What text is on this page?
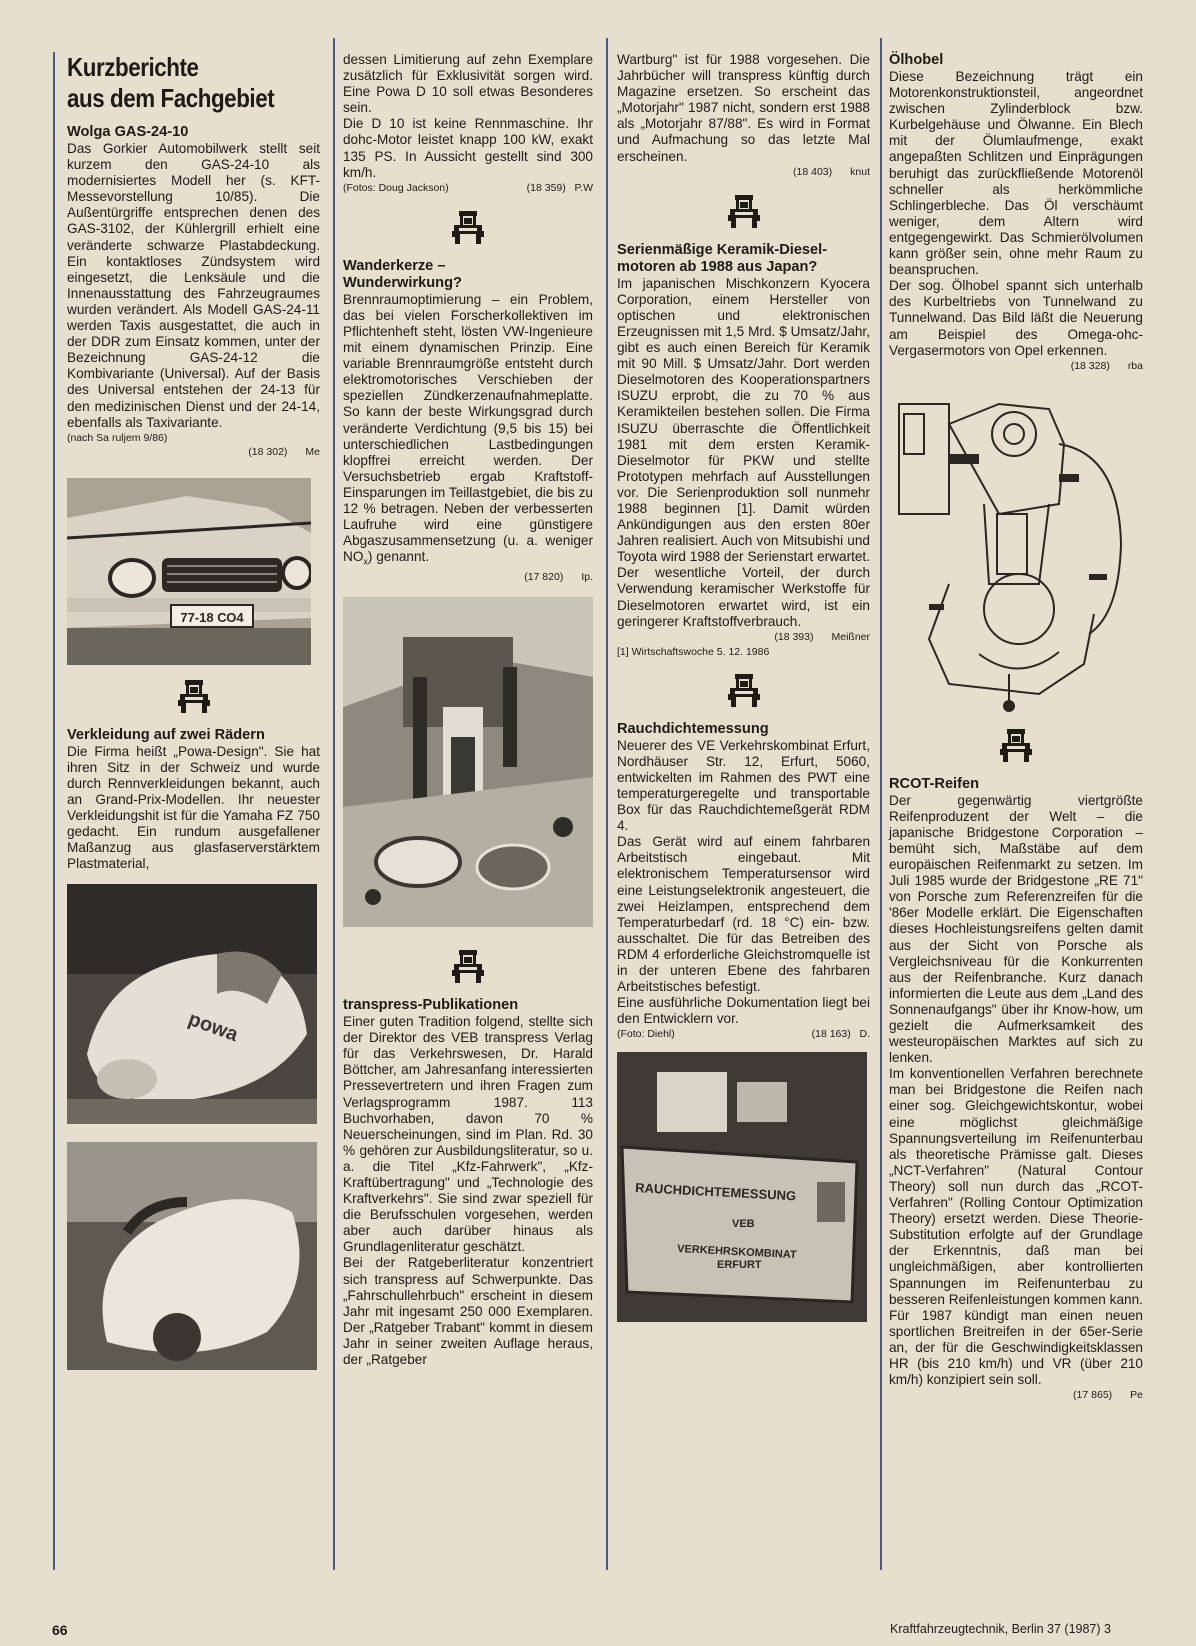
Kurzberichte
aus dem Fachgebiet
Wolga GAS-24-10

Das Gorkier Automobilwerk stellt seit kurzem den GAS-24-10 als modernisiertes Modell her (s. KFT-Messevorstellung 10/85). Die Außentürgriffe entsprechen denen des GAS-3102, der Kühlergrill erhielt eine veränderte schwarze Plastabdeckung. Ein kontaktloses Zündsystem wird eingesetzt, die Lenksäule und die Innenausstattung des Fahrzeugraumes wurden verändert. Als Modell GAS-24-11 werden Taxis ausgestattet, die auch in der DDR zum Einsatz kommen, unter der Bezeichnung GAS-24-12 die Kombivariante (Universal). Auf der Basis des Universal entstehen der 24-13 für den medizinischen Dienst und der 24-14, ebenfalls als Taxivariante.

(nach Sa ruljem 9/86)

(18 302) Me
77-18 СО4
Verkleidung auf zwei Rädern

Die Firma heißt „Powa-Design". Sie hat ihren Sitz in der Schweiz und wurde durch Rennverkleidungen bekannt, auch an Grand-Prix-Modellen. Ihr neuester Verkleidungshit ist für die Yamaha FZ 750 gedacht. Ein rundum ausgefallener Maßanzug aus glasfaserverstärktem Plastmaterial,

powa

dessen Limitierung auf zehn Exemplare zusätzlich für Exklusivität sorgen wird. Eine Powa D 10 soll etwas Besonderes sein.

Die D 10 ist keine Rennmaschine. Ihr dohc-Motor leistet knapp 100 kW, exakt 135 PS. In Aussicht gestellt sind 300 km/h.

(Fotos: Doug Jackson)	(18 359) P.W
Wanderkerze –
Wunderwirkung?

Brennraumoptimierung – ein Problem, das bei vielen Forscherkollektiven im Pflichtenheft steht, lösten VW-Ingenieure mit einem dynamischen Prinzip. Eine variable Brennraumgröße entsteht durch elektromotorisches Verschieben der speziellen Zündkerzenaufnahmeplatte. So kann der beste Wirkungsgrad durch veränderte Verdichtung (9,5 bis 15) bei unterschiedlichen Lastbedingungen klopffrei erreicht werden. Der Versuchsbetrieb ergab Kraftstoff-Einsparungen im Teillastgebiet, die bis zu 12 % betragen. Neben der verbesserten Laufruhe wird eine günstigere Abgaszusammensetzung (u. a. weniger $NO_x$) genannt.

(17 820) Ip.
transpress-Publikationen

Einer guten Tradition folgend, stellte sich der Direktor des VEB transpress Verlag für das Verkehrswesen, Dr. Harald Böttcher, am Jahresanfang interessierten Pressevertretern und ihren Fragen zum Verlagsprogramm 1987. 113 Buchvorhaben, davon 70 % Neuerscheinungen, sind im Plan. Rd. 30 % gehören zur Ausbildungsliteratur, so u. a. die Titel „Kfz-Fahrwerk", „Kfz-Kraftübertragung" und „Technologie des Kraftverkehrs". Sie sind zwar speziell für die Berufsschulen vorgesehen, werden aber auch darüber hinaus als Grundlagenliteratur geschätzt.

Bei der Ratgeberliteratur konzentriert sich transpress auf Schwerpunkte. Das „Fahrschullehrbuch" erscheint in diesem Jahr mit ingesamt 250 000 Exemplaren. Der „Ratgeber Trabant" kommt in diesem Jahr in seiner zweiten Auflage heraus, der „Ratgeber

Wartburg" ist für 1988 vorgesehen. Die Jahrbücher will transpress künftig durch Magazine ersetzen. So erscheint das „Motorjahr" 1987 nicht, sondern erst 1988 als „Motorjahr 87/88". Es wird in Format und Aufmachung so das letzte Mal erscheinen.

(18 403) knut
Serienmäßige Keramik-Diesel-
motoren ab 1988 aus Japan?

Im japanischen Mischkonzern Kyocera Corporation, einem Hersteller von optischen und elektronischen Erzeugnissen mit 1,5 Mrd. $ Umsatz/Jahr, gibt es auch einen Bereich für Keramik mit 90 Mill. $ Umsatz/Jahr. Dort werden Dieselmotoren des Kooperationspartners ISUZU erprobt, die zu 70 % aus Keramikteilen bestehen sollen. Die Firma ISUZU überraschte die Öffentlichkeit 1981 mit dem ersten Keramik-Dieselmotor für PKW und stellte Prototypen mehrfach auf Ausstellungen vor. Die Serienproduktion soll nunmehr 1988 beginnen [1]. Damit würden Ankündigungen aus den ersten 80er Jahren realisiert. Auch von Mitsubishi und Toyota wird 1988 der Serienstart erwartet. Der wesentliche Vorteil, der durch Verwendung keramischer Werkstoffe für Dieselmotoren erwartet wird, ist ein geringerer Kraftstoffverbrauch.

(18 393) Meißner

[1] Wirtschaftswoche 5. 12. 1986

Rauchdichtemessung

Neuerer des VE Verkehrskombinat Erfurt, Nordhäuser Str. 12, Erfurt, 5060, entwickelten im Rahmen des PWT eine temperaturgeregelte und transportable Box für das Rauchdichtemeßgerät RDM 4.

Das Gerät wird auf einem fahrbaren Arbeitstisch eingebaut. Mit elektronischem Temperatursensor wird eine Leistungselektronik angesteuert, die zwei Heizlampen, entsprechend dem Temperaturbedarf (rd. 18 °C) ein- bzw. ausschaltet. Die für das Betreiben des RDM 4 erforderliche Gleichstromquelle ist in der unteren Ebene des fahrbaren Arbeitstisches befestigt.

Eine ausführliche Dokumentation liegt bei den Entwicklern vor.

(Foto: Diehl)	(18 163) D.
RAUCHDICHTEMESSUNG
VEB
VERKEHRSKOMBINAT
ERFURT
Ölhobel

Diese Bezeichnung trägt ein Motorenkonstruktionsteil, angeordnet zwischen Zylinderblock bzw. Kurbelgehäuse und Ölwanne. Ein Blech mit der Ölumlaufmenge, exakt angepaßten Schlitzen und Einprägungen beruhigt das zurückfließende Motorenöl schneller als herkömmliche Schlingerbleche. Das Öl verschäumt weniger, dem Altern wird entgegengewirkt. Das Schmierölvolumen kann größer sein, ohne mehr Raum zu beanspruchen.

Der sog. Ölhobel spannt sich unterhalb des Kurbeltriebs von Tunnelwand zu Tunnelwand. Das Bild läßt die Neuerung am Beispiel des Omega-ohc-Vergasermotors von Opel erkennen.

(18 328) rba
RCOT-Reifen

Der gegenwärtig viertgrößte Reifenproduzent der Welt – die japanische Bridgestone Corporation – bemüht sich, Maßstäbe auf dem europäischen Reifenmarkt zu setzen. Im Juli 1985 wurde der Bridgestone „RE 71" von Porsche zum Referenzreifen für die '86er Modelle erklärt. Die Eigenschaften dieses Hochleistungsreifens gelten damit aus der Sicht von Porsche als Vergleichsniveau für die Konkurrenten aus der Reifenbranche. Kurz danach informierten die Leute aus dem „Land des Sonnenaufgangs" über ihr Know-how, um gezielt die Aufmerksamkeit des westeuropäischen Marktes auf sich zu lenken.

Im konventionellen Verfahren berechnete man bei Bridgestone die Reifen nach einer sog. Gleichgewichtskontur, wobei eine möglichst gleichmäßige Spannungsverteilung im Reifenunterbau als theoretische Prämisse galt. Dieses „NCT-Verfahren" (Natural Contour Theory) soll nun durch das „RCOT-Verfahren" (Rolling Contour Optimization Theory) ersetzt werden. Diese Theorie-Substitution erfolgte auf der Grundlage der Erkenntnis, daß man bei ungleichmäßigen, aber kontrollierten Spannungen im Reifenunterbau zu besseren Reifenleistungen kommen kann.

Für 1987 kündigt man einen neuen sportlichen Breitreifen in der 65er-Serie an, der für die Geschwindigkeitsklassen HR (bis 210 km/h) und VR (über 210 km/h) konzipiert sein soll.

(17 865) Pe
66	Kraftfahrzeugtechnik, Berlin 37 (1987) 3
